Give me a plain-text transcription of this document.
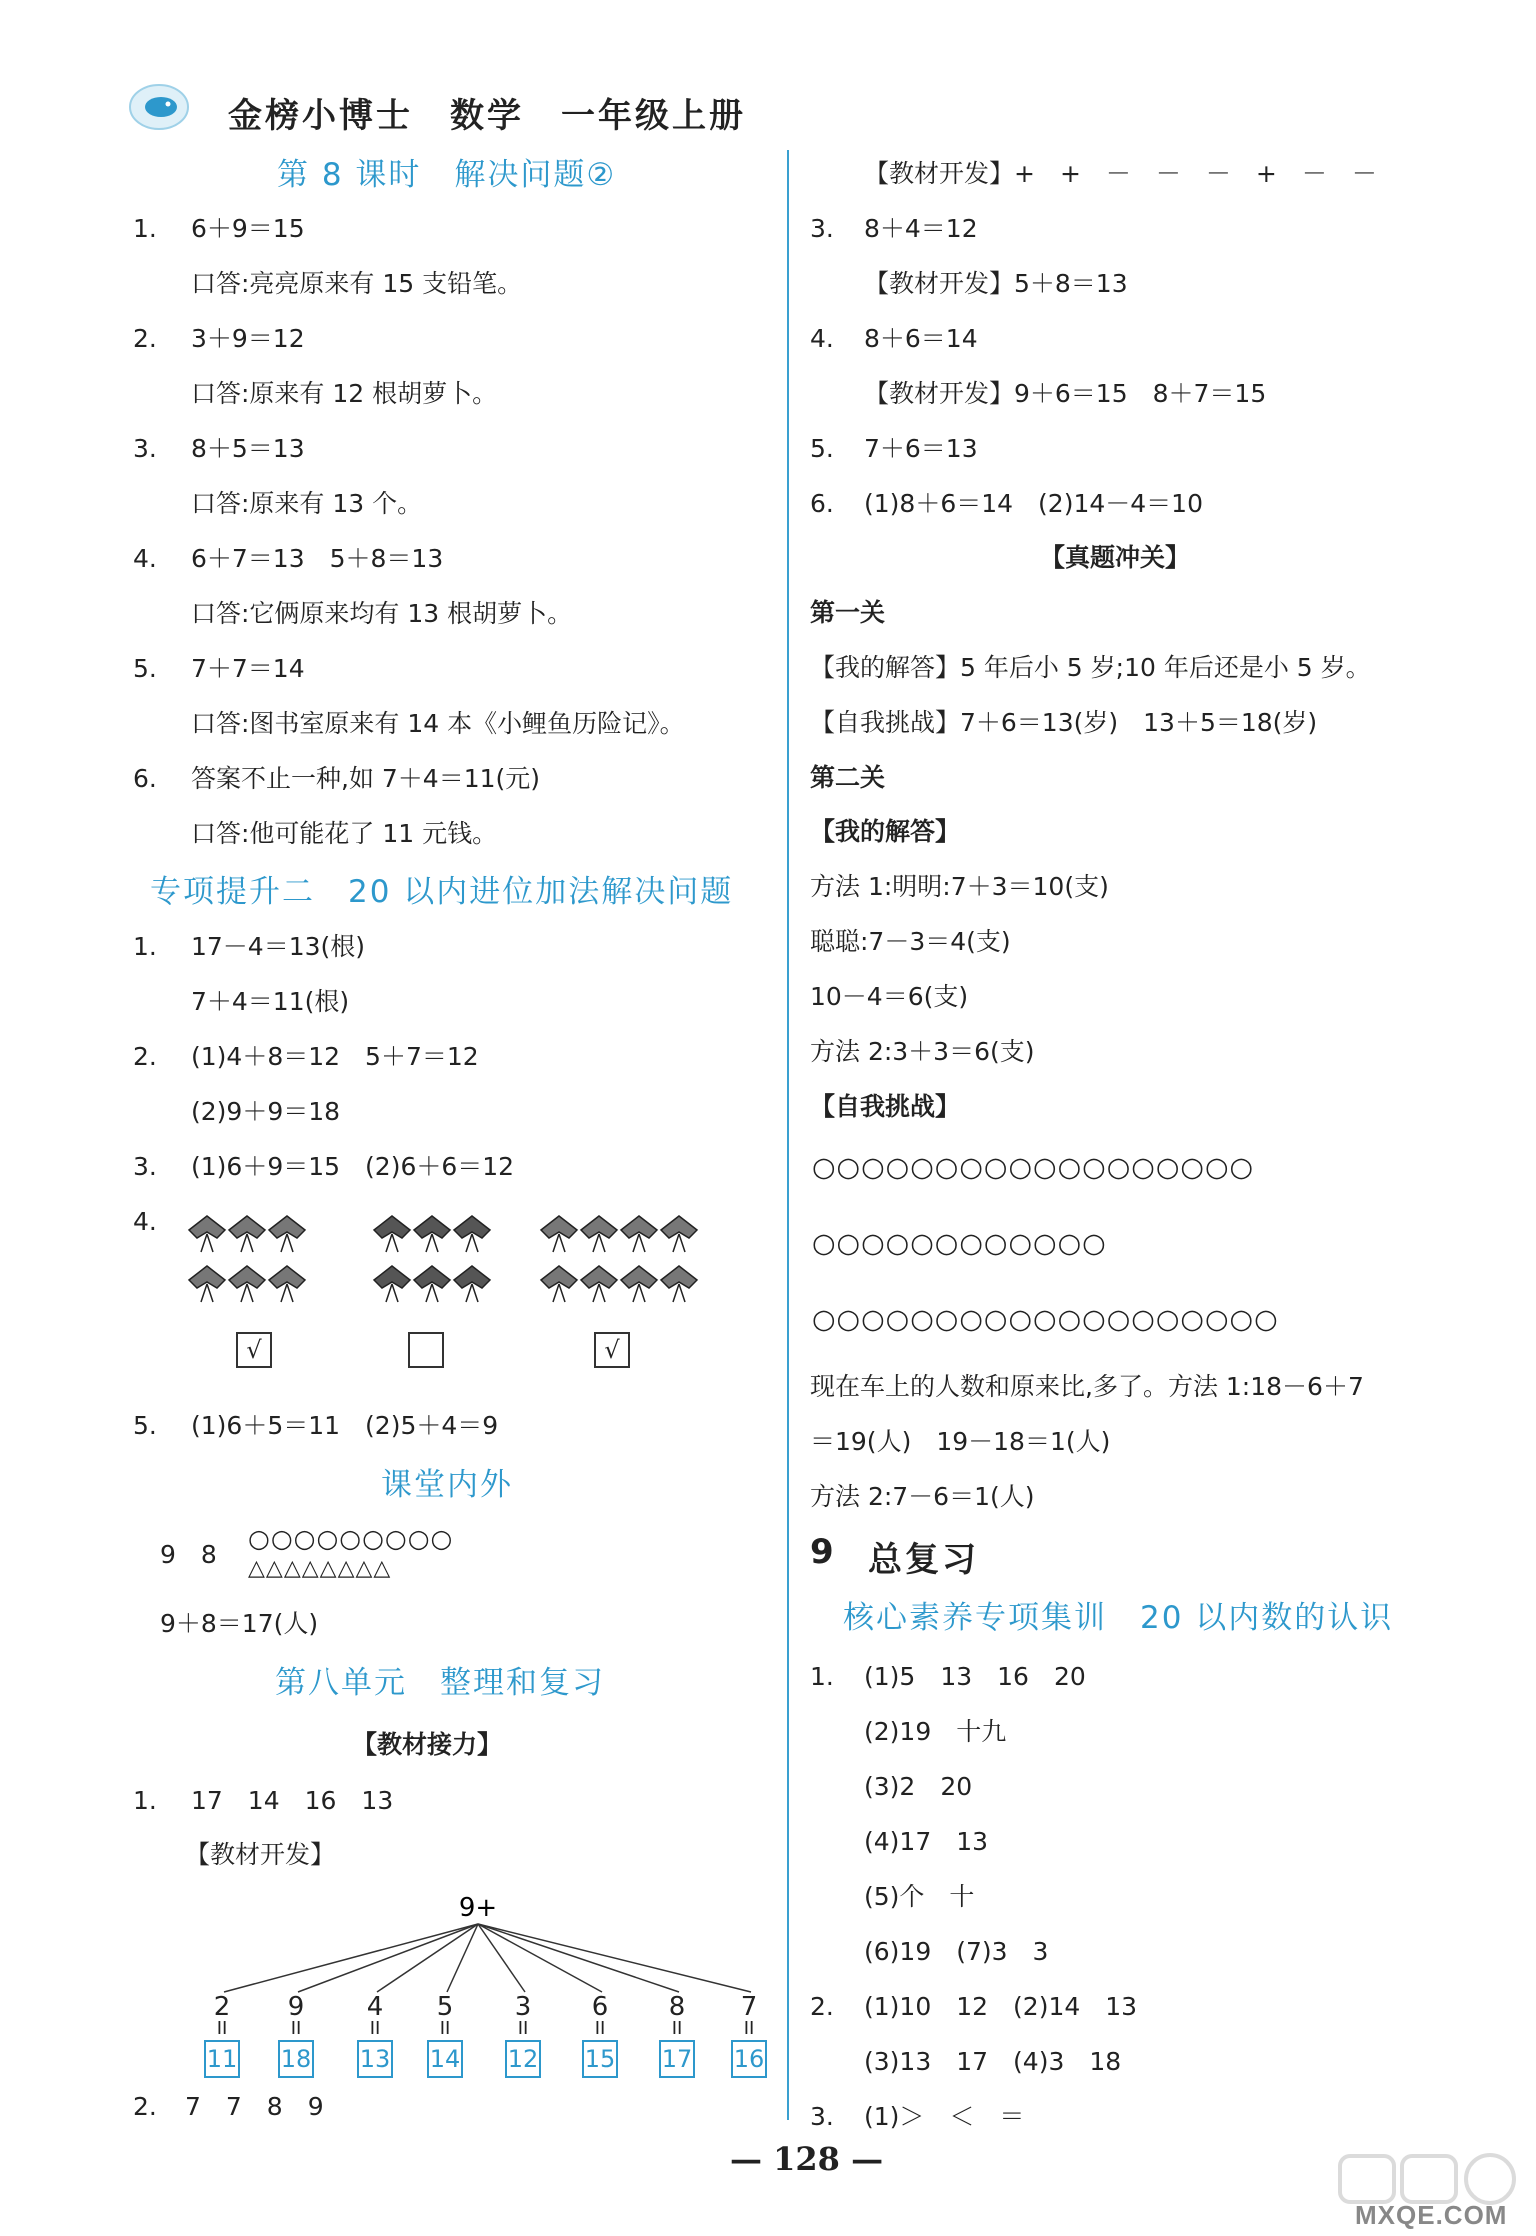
金榜小博士　数学　一年级上册
第 8 课时　解决问题②
1. 6＋9＝15
口答:亮亮原来有 15 支铅笔。
2. 3＋9＝12
口答:原来有 12 根胡萝卜。
3. 8＋5＝13
口答:原来有 13 个。
4. 6＋7＝13　5＋8＝13
口答:它俩原来均有 13 根胡萝卜。
5. 7＋7＝14
口答:图书室原来有 14 本《小鲤鱼历险记》。
6. 答案不止一种,如 7＋4＝11(元)
口答:他可能花了 11 元钱。
专项提升二　20 以内进位加法解决问题
1. 17－4＝13(根)
7＋4＝11(根)
2. (1)4＋8＝12　5＋7＝12
(2)9＋9＝18
3. (1)6＋9＝15　(2)6＋6＝12
4.
√	√
5. (1)6＋5＝11　(2)5＋4＝9
课堂内外
9　8
○○○○○○○○○
△△△△△△△△
9＋8＝17(人)
第八单元　整理和复习
【教材接力】
1. 17　14　16　13
【教材开发】
9+
2
II
11
9
II
18
4
II
13
5
II
14
3
II
12
6
II
15
8
II
17
7
II
16
2. 7　7　8　9
【教材开发】+　+　－　－　－　+　－　－
3. 8＋4＝12
【教材开发】5＋8＝13
4. 8＋6＝14
【教材开发】9＋6＝15　8＋7＝15
5. 7＋6＝13
6. (1)8＋6＝14　(2)14－4＝10
【真题冲关】
第一关
【我的解答】5 年后小 5 岁;10 年后还是小 5 岁。
【自我挑战】7＋6＝13(岁)　13＋5＝18(岁)
第二关
【我的解答】
方法 1:明明:7＋3＝10(支)
聪聪:7－3＝4(支)
10－4＝6(支)
方法 2:3＋3＝6(支)
【自我挑战】
○○○○○○○○○○○○○○○○○○
○○○○○○○○○○○○
○○○○○○○○○○○○○○○○○○○
现在车上的人数和原来比,多了。方法 1:18－6＋7
＝19(人)　19－18＝1(人)
方法 2:7－6＝1(人)
9 总复习
核心素养专项集训　20 以内数的认识
1. (1)5　13　16　20
(2)19　十九
(3)2　20
(4)17　13
(5)个　十
(6)19　(7)3　3
2. (1)10　12　(2)14　13
(3)13　17　(4)3　18
3. (1)＞　＜　＝
— 128 —
MXQE.COM
